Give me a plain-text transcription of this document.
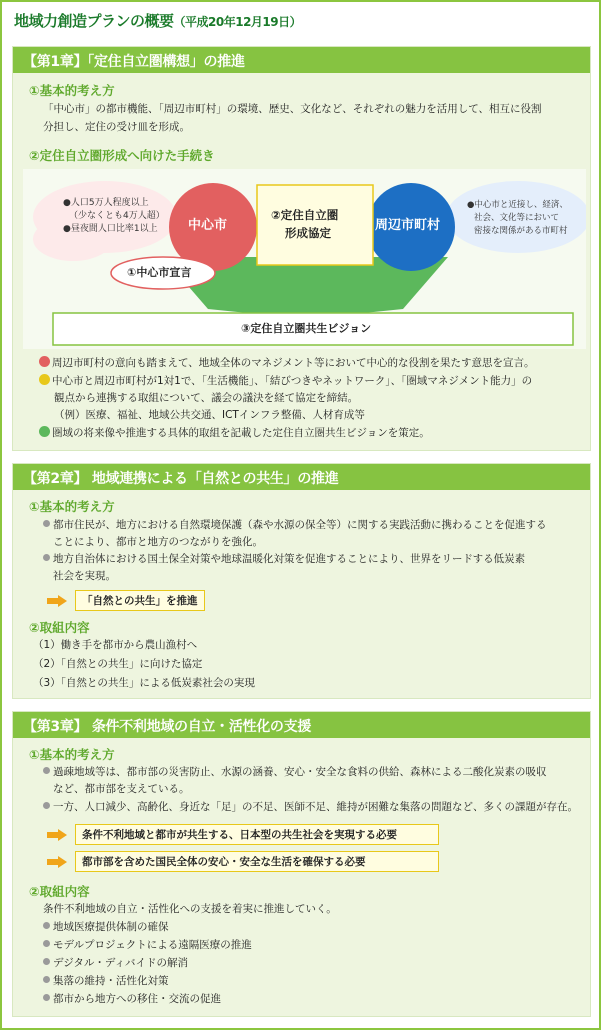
地域力創造プランの概要（平成20年12月19日）
【第1章】「定住自立圏構想」の推進
①基本的考え方
「中心市」の都市機能、「周辺市町村」の環境、歴史、文化など、それぞれの魅力を活用して、相互に役割
分担し、定住の受け皿を形成。
②定住自立圏形成へ向けた手続き
●人口5万人程度以上
（少なくとも4万人超）
●昼夜間人口比率1以上 中心市
②定住自立圏
形成協定	周辺市町村
●中心市と近接し、経済、
社会、文化等において
密接な関係がある市町村
①中心市宣言
③定住自立圏共生ビジョン
周辺市町村の意向も踏まえて、地域全体のマネジメント等において中心的な役割を果たす意思を宣言。
中心市と周辺市町村が1対1で、「生活機能」、「結びつきやネットワーク」、「圏域マネジメント能力」の
観点から連携する取組について、議会の議決を経て協定を締結。
（例）医療、福祉、地域公共交通、ICTインフラ整備、人材育成等
圏域の将来像や推進する具体的取組を記載した定住自立圏共生ビジョンを策定。
【第2章】 地域連携による「自然との共生」の推進
①基本的考え方
都市住民が、地方における自然環境保護（森や水源の保全等）に関する実践活動に携わることを促進する
ことにより、都市と地方のつながりを強化。
地方自治体における国土保全対策や地球温暖化対策を促進することにより、世界をリードする低炭素
社会を実現。
「自然との共生」を推進
②取組内容
（1）働き手を都市から農山漁村へ
（2）「自然との共生」に向けた協定
（3）「自然との共生」による低炭素社会の実現
【第3章】 条件不利地域の自立・活性化の支援
①基本的考え方
過疎地域等は、都市部の災害防止、水源の涵養、安心・安全な食料の供給、森林による二酸化炭素の吸収
など、都市部を支えている。
一方、人口減少、高齢化、身近な「足」の不足、医師不足、維持が困難な集落の問題など、多くの課題が存在。
条件不利地域と都市が共生する、日本型の共生社会を実現する必要
都市部を含めた国民全体の安心・安全な生活を確保する必要
②取組内容
条件不利地域の自立・活性化への支援を着実に推進していく。
地域医療提供体制の確保
モデルプロジェクトによる遠隔医療の推進
デジタル・ディバイドの解消
集落の維持・活性化対策
都市から地方への移住・交流の促進
